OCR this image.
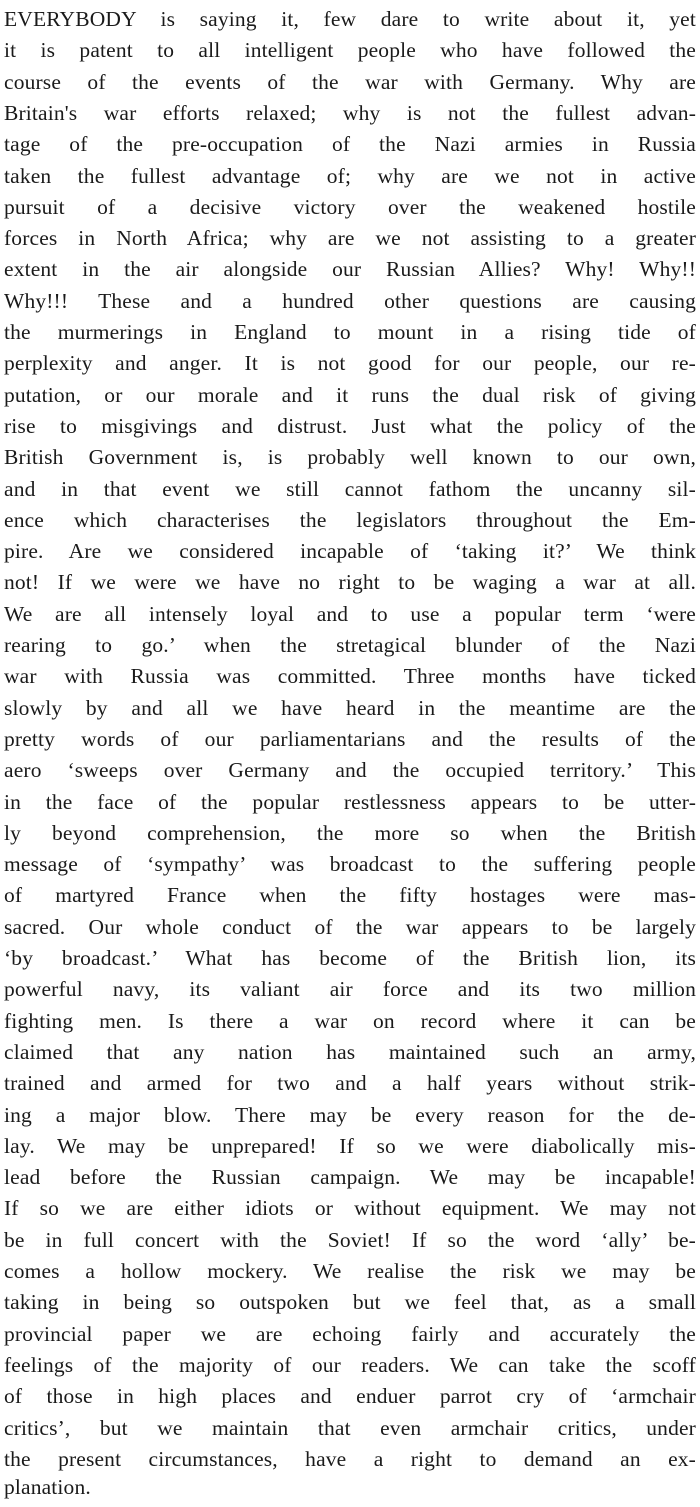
EVERYBODY is saying it, few dare to write about it, yet
it is patent to all intelligent people who have followed the
course of the events of the war with Germany. Why are
Britain's war efforts relaxed; why is not the fullest advan-
tage of the pre-occupation of the Nazi armies in Russia
taken the fullest advantage of; why are we not in active
pursuit of a decisive victory over the weakened hostile
forces in North Africa; why are we not assisting to a greater
extent in the air alongside our Russian Allies? Why! Why!!
Why!!! These and a hundred other questions are causing
the murmerings in England to mount in a rising tide of
perplexity and anger. It is not good for our people, our re-
putation, or our morale and it runs the dual risk of giving
rise to misgivings and distrust. Just what the policy of the
British Government is, is probably well known to our own,
and in that event we still cannot fathom the uncanny sil-
ence which characterises the legislators throughout the Em-
pire. Are we considered incapable of ‘taking it?’ We think
not! If we were we have no right to be waging a war at all.
We are all intensely loyal and to use a popular term ‘were
rearing to go.’ when the stretagical blunder of the Nazi
war with Russia was committed. Three months have ticked
slowly by and all we have heard in the meantime are the
pretty words of our parliamentarians and the results of the
aero ‘sweeps over Germany and the occupied territory.’ This
in the face of the popular restlessness appears to be utter-
ly beyond comprehension, the more so when the British
message of ‘sympathy’ was broadcast to the suffering people
of martyred France when the fifty hostages were mas-
sacred. Our whole conduct of the war appears to be largely
‘by broadcast.’ What has become of the British lion, its
powerful navy, its valiant air force and its two million
fighting men. Is there a war on record where it can be
claimed that any nation has maintained such an army,
trained and armed for two and a half years without strik-
ing a major blow. There may be every reason for the de-
lay. We may be unprepared! If so we were diabolically mis-
lead before the Russian campaign. We may be incapable!
If so we are either idiots or without equipment. We may not
be in full concert with the Soviet! If so the word ‘ally’ be-
comes a hollow mockery. We realise the risk we may be
taking in being so outspoken but we feel that, as a small
provincial paper we are echoing fairly and accurately the
feelings of the majority of our readers. We can take the scoff
of those in high places and enduer parrot cry of ‘armchair
critics’, but we maintain that even armchair critics, under
the present circumstances, have a right to demand an ex-
planation.
